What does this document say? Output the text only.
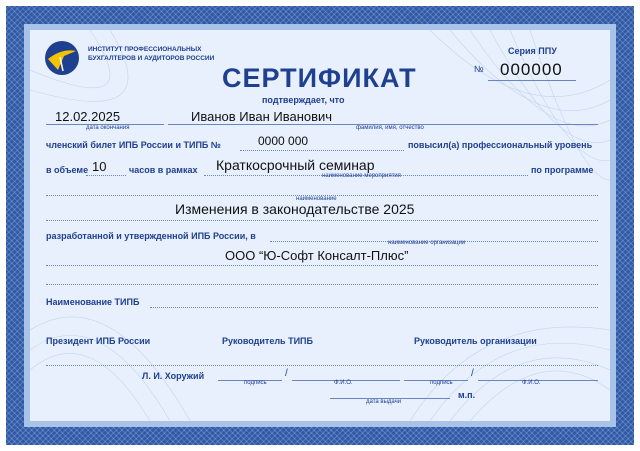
ИНСТИТУТ ПРОФЕССИОНАЛЬНЫХ БУХГАЛТЕРОВ И АУДИТОРОВ РОССИИ
Серия ППУ
№ 000000
СЕРТИФИКАТ
подтверждает, что
12.02.2025
дата окончания
Иванов Иван Иванович
фамилия, имя, отчество
членский билет ИПБ России и ТИПБ №	0000 000	повысил(а) профессиональный уровень
в объеме 10	часов в рамках Краткосрочный семинар
наименование мероприятия
по программе
наименование
Изменения в законодательстве 2025
разработанной и утвержденной ИПБ России, в
наименование организации
ООО “Ю-Софт Консалт-Плюс”
Наименование ТИПБ
Президент ИПБ России	Руководитель ТИПБ	Руководитель организации
Л. И. Хоружий	/
подпись	Ф.И.О.
/
подпись	Ф.И.О.
дата выдачи
м.п.
